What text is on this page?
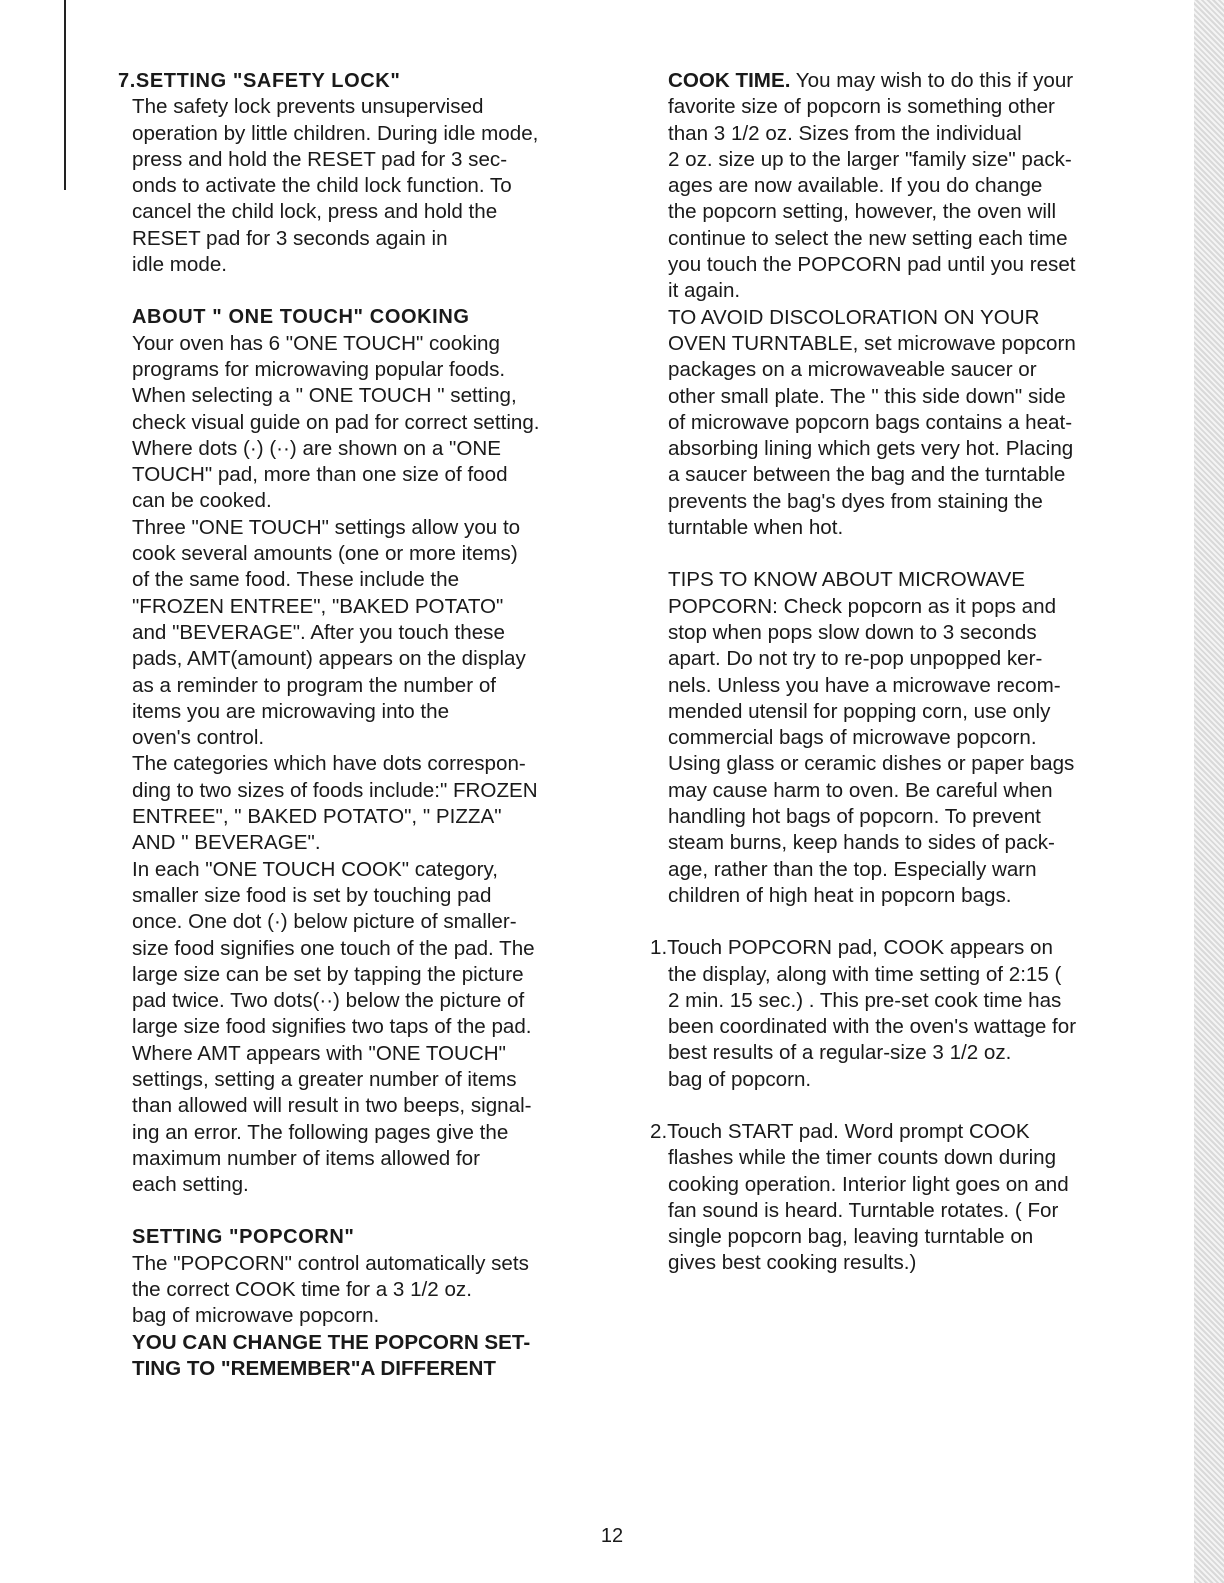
7.SETTING "SAFETY LOCK"

The safety lock prevents unsupervised

operation by little children. During idle mode,

press and hold the RESET pad for 3 sec-

onds to activate the child lock function. To

cancel the child lock, press and hold the

RESET pad for 3 seconds again in

idle mode.

ABOUT " ONE TOUCH" COOKING

Your oven has 6 "ONE TOUCH" cooking

programs for microwaving popular foods.

When selecting a " ONE TOUCH " setting,

check visual guide on pad for correct setting.

Where dots (·) (··) are shown on a "ONE

TOUCH" pad, more than one size of food

can be cooked.

Three "ONE TOUCH" settings allow you to

cook several amounts (one or more items)

of the same food. These include the

"FROZEN ENTREE", "BAKED POTATO"

and "BEVERAGE". After you touch these

pads, AMT(amount) appears on the display

as a reminder to program the number of

items you are microwaving into the

oven's control.

The categories which have dots correspon-

ding to two sizes of foods include:" FROZEN

ENTREE", " BAKED POTATO", " PIZZA"

AND " BEVERAGE".

In each "ONE TOUCH COOK" category,

smaller size food is set by touching pad

once. One dot (·) below picture of smaller-

size food signifies one touch of the pad. The

large size can be set by tapping the picture

pad twice. Two dots(··) below the picture of

large size food signifies two taps of the pad.

Where AMT appears with "ONE TOUCH"

settings, setting a greater number of items

than allowed will result in two beeps, signal-

ing an error. The following pages give the

maximum number of items allowed for

each setting.

SETTING "POPCORN"

The "POPCORN" control automatically sets

the correct COOK time for a 3 1/2 oz.

bag of microwave popcorn.

YOU CAN CHANGE THE POPCORN SET-

TING TO "REMEMBER"A DIFFERENT

COOK TIME. You may wish to do this if your

favorite size of popcorn is something other

than 3 1/2 oz. Sizes from the individual

2 oz. size up to the larger "family size" pack-

ages are now available. If you do change

the popcorn setting, however, the oven will

continue to select the new setting each time

you touch the POPCORN pad until you reset

it again.

TO AVOID DISCOLORATION ON YOUR

OVEN TURNTABLE, set microwave popcorn

packages on a microwaveable saucer or

other small plate. The " this side down" side

of microwave popcorn bags contains a heat-

absorbing lining which gets very hot. Placing

a saucer between the bag and the turntable

prevents the bag's dyes from staining the

turntable when hot.

TIPS TO KNOW ABOUT MICROWAVE

POPCORN: Check popcorn as it pops and

stop when pops slow down to 3 seconds

apart. Do not try to re-pop unpopped ker-

nels. Unless you have a microwave recom-

mended utensil for popping corn, use only

commercial bags of microwave popcorn.

Using glass or ceramic dishes or paper bags

may cause harm to oven. Be careful when

handling hot bags of popcorn. To prevent

steam burns, keep hands to sides of pack-

age, rather than the top. Especially warn

children of high heat in popcorn bags.

1.Touch POPCORN pad, COOK appears on

the display, along with time setting of 2:15 (

2 min. 15 sec.) . This pre-set cook time has

been coordinated with the oven's wattage for

best results of a regular-size 3 1/2 oz.

bag of popcorn.

2.Touch START pad. Word prompt COOK

flashes while the timer counts down during

cooking operation. Interior light goes on and

fan sound is heard. Turntable rotates. ( For

single popcorn bag, leaving turntable on

gives best cooking results.)

12
